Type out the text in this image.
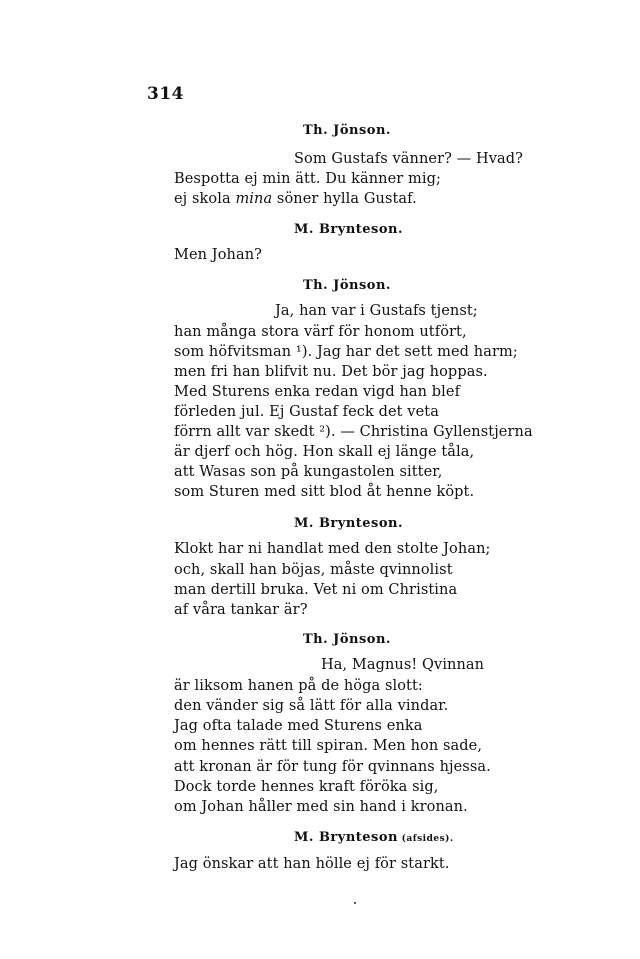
314
Th. Jönson.
Som Gustafs vänner? — Hvad?
Bespotta ej min ätt. Du känner mig;
ej skola mina söner hylla Gustaf.
M. Brynteson.
Men Johan?
Th. Jönson.
Ja, han var i Gustafs tjenst;
han många stora värf för honom utfört,
som höfvitsman ¹). Jag har det sett med harm;
men fri han blifvit nu. Det bör jag hoppas.
Med Sturens enka redan vigd han blef
förleden jul. Ej Gustaf feck det veta
förrn allt var skedt ²). — Christina Gyllenstjerna
är djerf och hög. Hon skall ej länge tåla,
att Wasas son på kungastolen sitter,
som Sturen med sitt blod åt henne köpt.
M. Brynteson.
Klokt har ni handlat med den stolte Johan;
och, skall han böjas, måste qvinnolist
man dertill bruka. Vet ni om Christina
af våra tankar är?
Th. Jönson.
Ha, Magnus! Qvinnan
är liksom hanen på de höga slott:
den vänder sig så lätt för alla vindar.
Jag ofta talade med Sturens enka
om hennes rätt till spiran. Men hon sade,
att kronan är för tung för qvinnans hjessa.
Dock torde hennes kraft föröka sig,
om Johan håller med sin hand i kronan.
M. Brynteson (afsides).
Jag önskar att han hölle ej för starkt.
